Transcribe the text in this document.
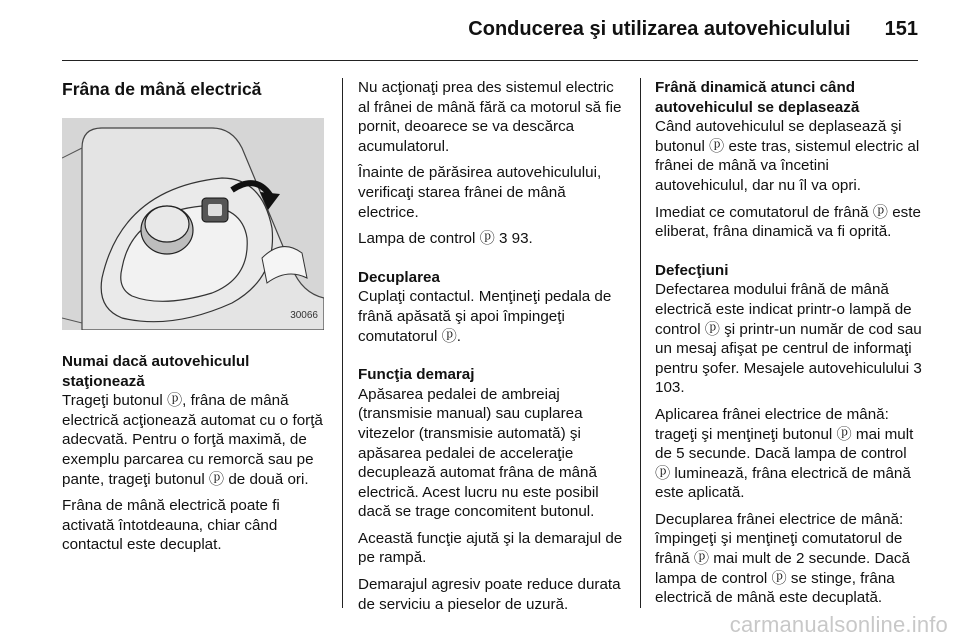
Conducerea şi utilizarea autovehiculului 151
Frâna de mână electrică
30066
Numai dacă autovehiculul
staţionează

Trageţi butonul ⓟ, frâna de mână electrică acţionează automat cu o forţă adecvată. Pentru o forţă maximă, de exemplu parcarea cu remorcă sau pe pante, trageţi butonul ⓟ de două ori.

Frâna de mână electrică poate fi activată întotdeauna, chiar când contactul este decuplat.

Nu acţionaţi prea des sistemul electric al frânei de mână fără ca motorul să fie pornit, deoarece se va descărca acumulatorul.

Înainte de părăsirea autovehiculului, verificaţi starea frânei de mână electrice.

Lampa de control ⓟ 3 93.

Decuplarea

Cuplaţi contactul. Menţineţi pedala de frână apăsată şi apoi împingeţi comutatorul ⓟ.

Funcţia demaraj

Apăsarea pedalei de ambreiaj (transmisie manual) sau cuplarea vitezelor (transmisie automată) şi apăsarea pedalei de acceleraţie decuplează automat frâna de mână electrică. Acest lucru nu este posibil dacă se trage concomitent butonul.

Această funcţie ajută şi la demarajul de pe rampă.

Demarajul agresiv poate reduce durata de serviciu a pieselor de uzură.

Frână dinamică atunci când
autovehiculul se deplasează

Când autovehiculul se deplasează şi butonul ⓟ este tras, sistemul electric al frânei de mână va încetini autovehiculul, dar nu îl va opri.

Imediat ce comutatorul de frână ⓟ este eliberat, frâna dinamică va fi oprită.

Defecţiuni

Defectarea modului frână de mână electrică este indicat printr-o lampă de control ⓟ şi printr-un număr de cod sau un mesaj afişat pe centrul de informaţi pentru şofer. Mesajele autovehiculului 3 103.

Aplicarea frânei electrice de mână: trageţi şi menţineţi butonul ⓟ mai mult de 5 secunde. Dacă lampa de control ⓟ luminează, frâna electrică de mână este aplicată.

Decuplarea frânei electrice de mână: împingeţi şi menţineţi comutatorul de frână ⓟ mai mult de 2 secunde. Dacă lampa de control ⓟ se stinge, frâna electrică de mână este decuplată.

carmanualsonline.info
